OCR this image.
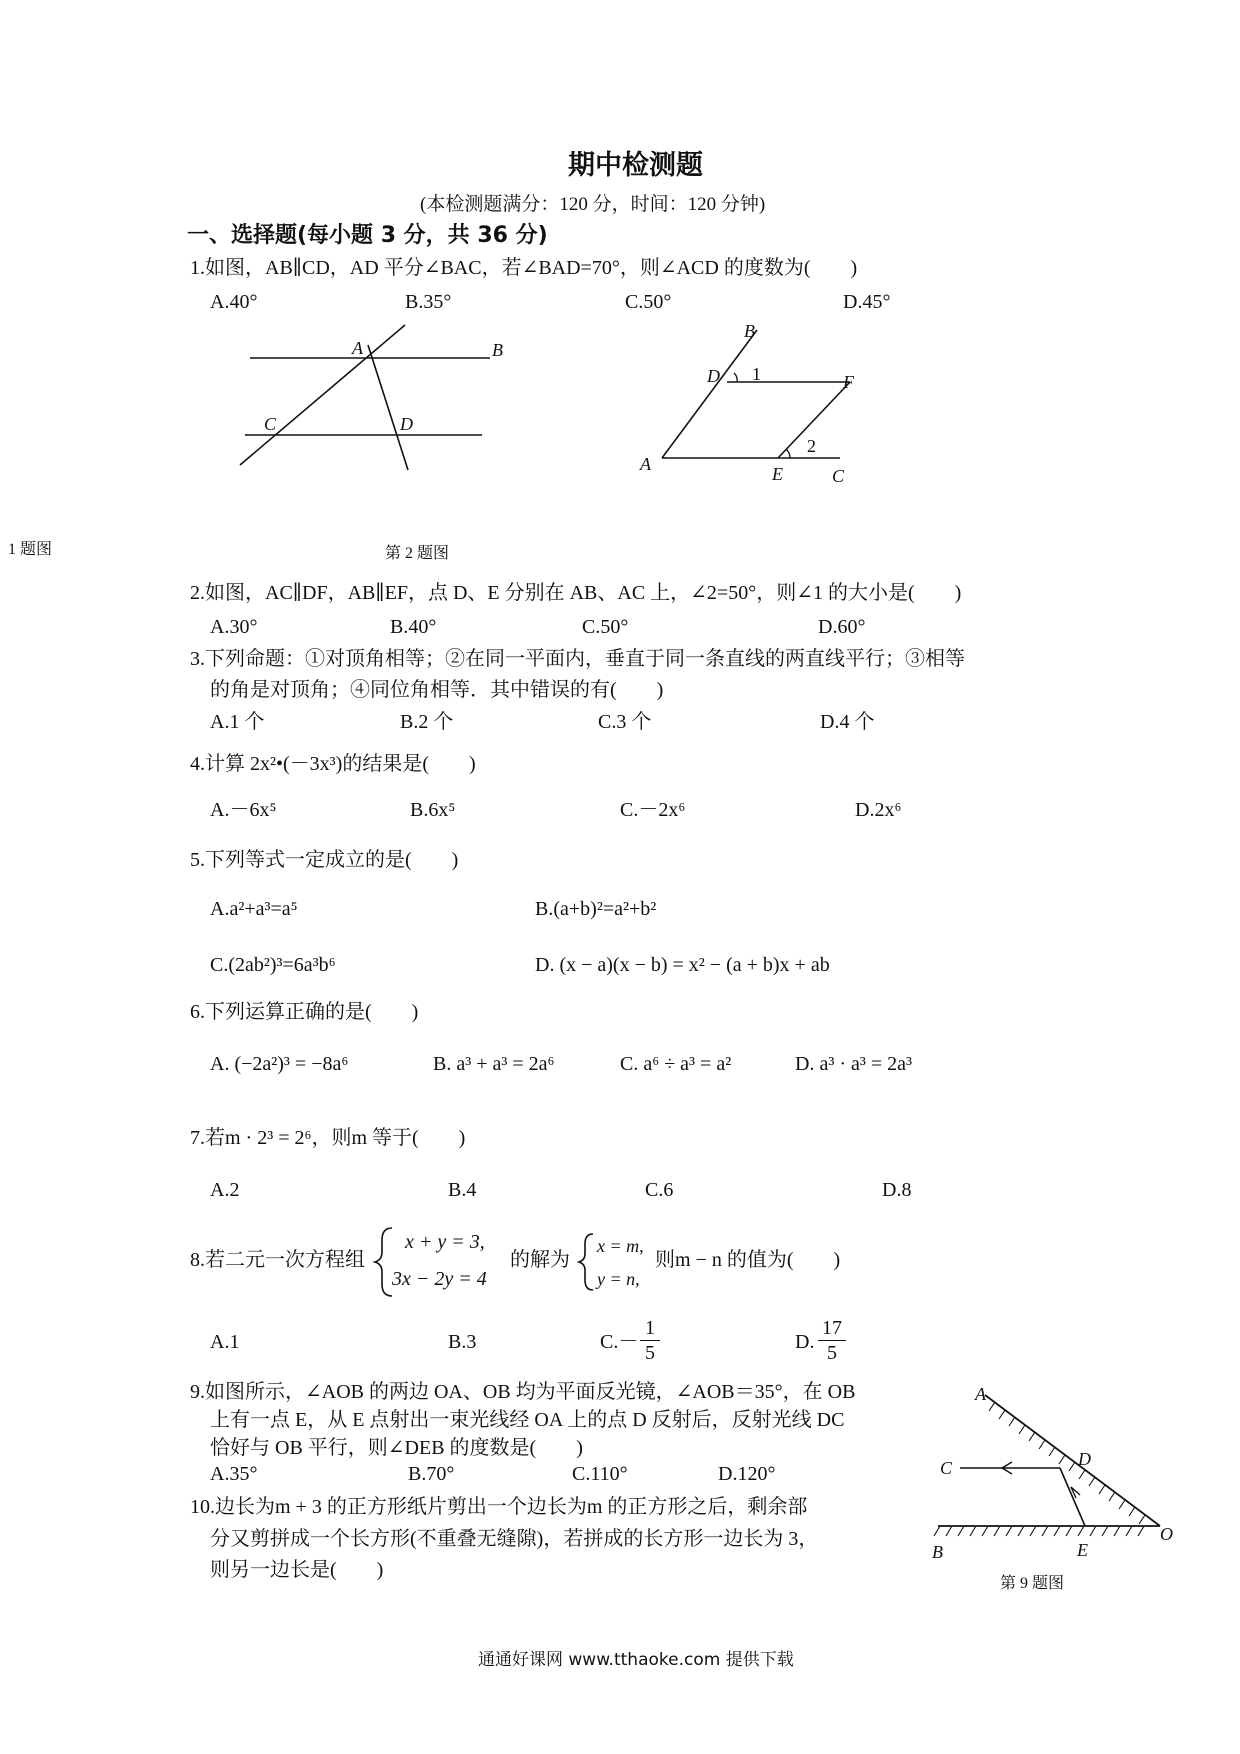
期中检测题
(本检测题满分：120 分，时间：120 分钟)
一、选择题(每小题 3 分，共 36 分)
1.如图，AB∥CD，AD 平分∠BAC，若∠BAD=70°，则∠ACD 的度数为(　　)
A.40°	B.35°	C.50°	D.45°
A	B
C	D
1 题图
B
D 1	F
2
A	E	C
第 2 题图
2.如图，AC∥DF，AB∥EF，点 D、E 分别在 AB、AC 上，∠2=50°，则∠1 的大小是(　　)
A.30°	B.40°	C.50°	D.60°
3.下列命题：①对顶角相等；②在同一平面内，垂直于同一条直线的两直线平行；③相等
的角是对顶角；④同位角相等．其中错误的有(　　)
A.1 个	B.2 个	C.3 个	D.4 个
4.计算 2x²•(－3x³)的结果是(　　)
A.－6x⁵	B.6x⁵	C.－2x⁶	D.2x⁶
5.下列等式一定成立的是(　　)
A.a²+a³=a⁵	B.(a+b)²=a²+b²
C.(2ab²)³=6a³b⁶	D. (x − a)(x − b) = x² − (a + b)x + ab
6.下列运算正确的是(　　)
A. (−2a²)³ = −8a⁶	B. a³ + a³ = 2a⁶	C. a⁶ ÷ a³ = a²	D. a³ · a³ = 2a³
7.若m · 2³ = 2⁶，则m 等于(　　)
A.2	B.4	C.6	D.8
8.若二元一次方程组
x + y = 3,
3x − 2y = 4
的解为
x = m,
y = n,
则m − n 的值为(　　)
A.1	B.3	$C.- \frac{1}{5}$	D. $\frac{17}{5}$
9.如图所示，∠AOB 的两边 OA、OB 均为平面反光镜，∠AOB＝35°，在 OB
上有一点 E，从 E 点射出一束光线经 OA 上的点 D 反射后，反射光线 DC
恰好与 OB 平行，则∠DEB 的度数是(　　)
A.35°	B.70°	C.110°	D.120°
A
D
C
B	E
O
第 9 题图
10.边长为m + 3 的正方形纸片剪出一个边长为m 的正方形之后，剩余部
分又剪拼成一个长方形(不重叠无缝隙)，若拼成的长方形一边长为 3，
则另一边长是(　　)
通通好课网 www.tthaoke.com 提供下载
